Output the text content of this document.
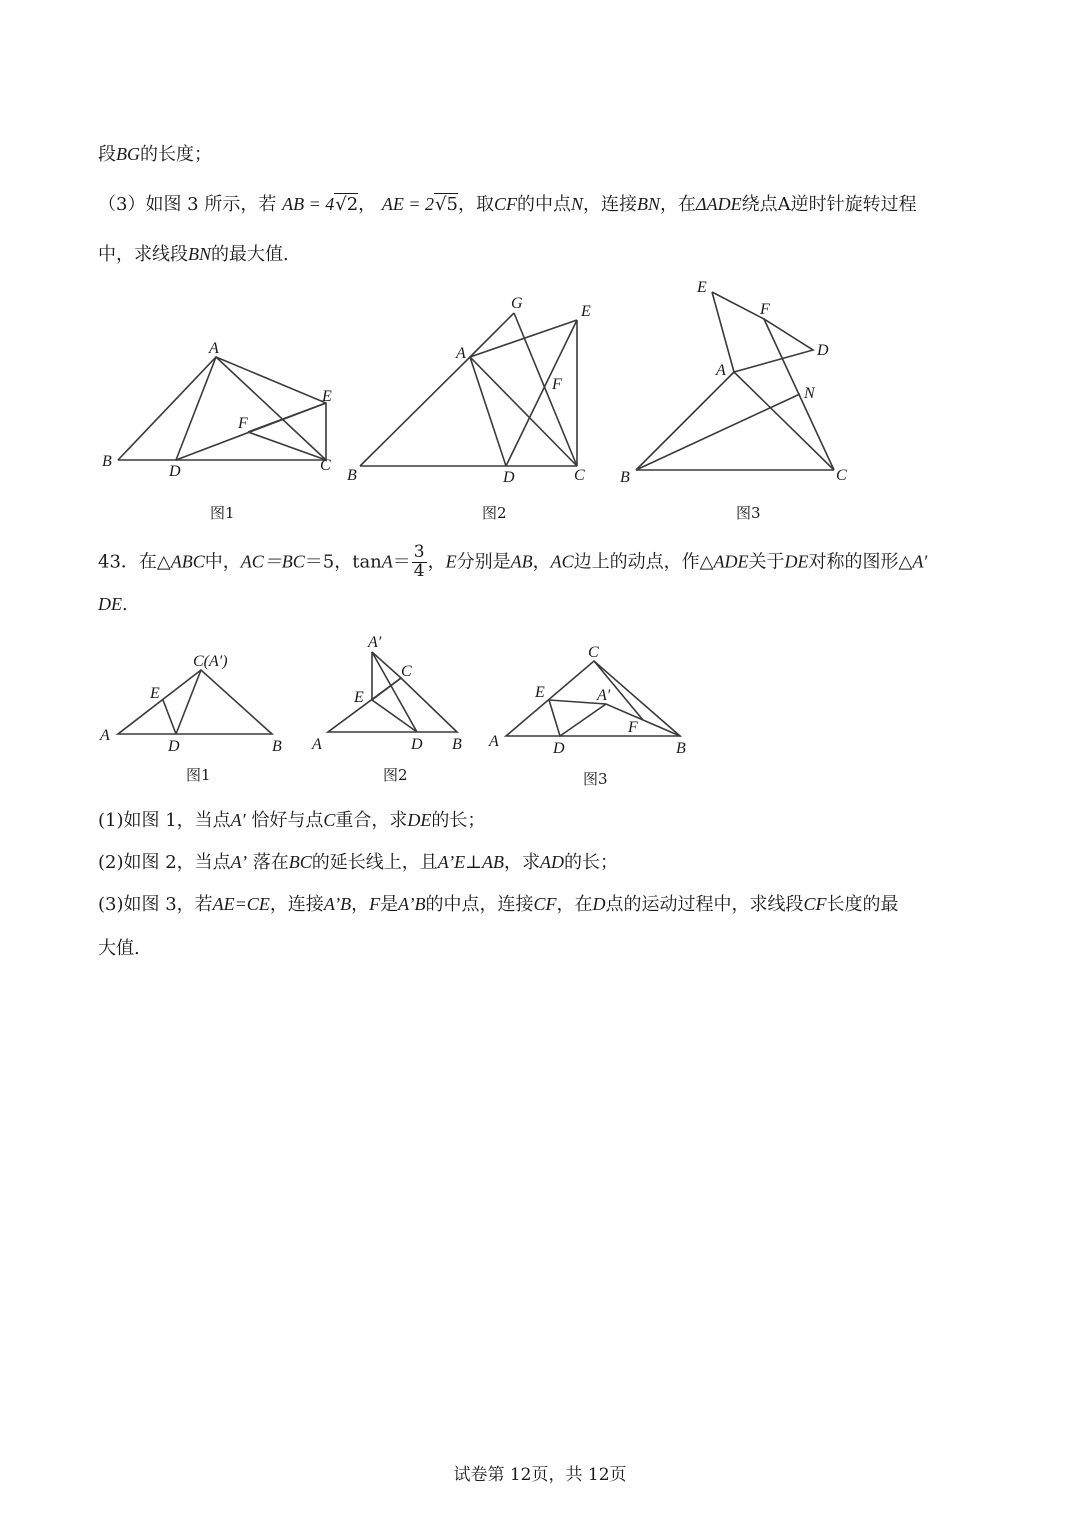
段BG的长度；
（3）如图 3 所示，若 AB = 4√2， AE = 2√5，取CF的中点N，连接BN，在ΔADE绕点A逆时针旋转过程
中，求线段BN的最大值.
B
A
C
D
E
F
图1
G	E
A
F
B	D	C
图2
E
F
D
A
N
B	C
图3
43．在△ABC中，AC＝BC＝5，$\tan A= \frac{3}{4}$ ，E分别是AB，AC边上的动点，作△ADE关于DE对称的图形△A′
DE.
C(A′)
E
A
D	B
图1
A′
C
E
A	D B
图2
C
E	A′
F
A	D	B
图3
(1)如图 1，当点A′ 恰好与点C重合，求DE的长；
(2)如图 2，当点A’ 落在BC的延长线上，且A’E⊥AB，求AD的长；
(3)如图 3，若AE=CE，连接A’B，F是A’B的中点，连接CF，在D点的运动过程中，求线段CF长度的最
大值.
试卷第 12页，共 12页
